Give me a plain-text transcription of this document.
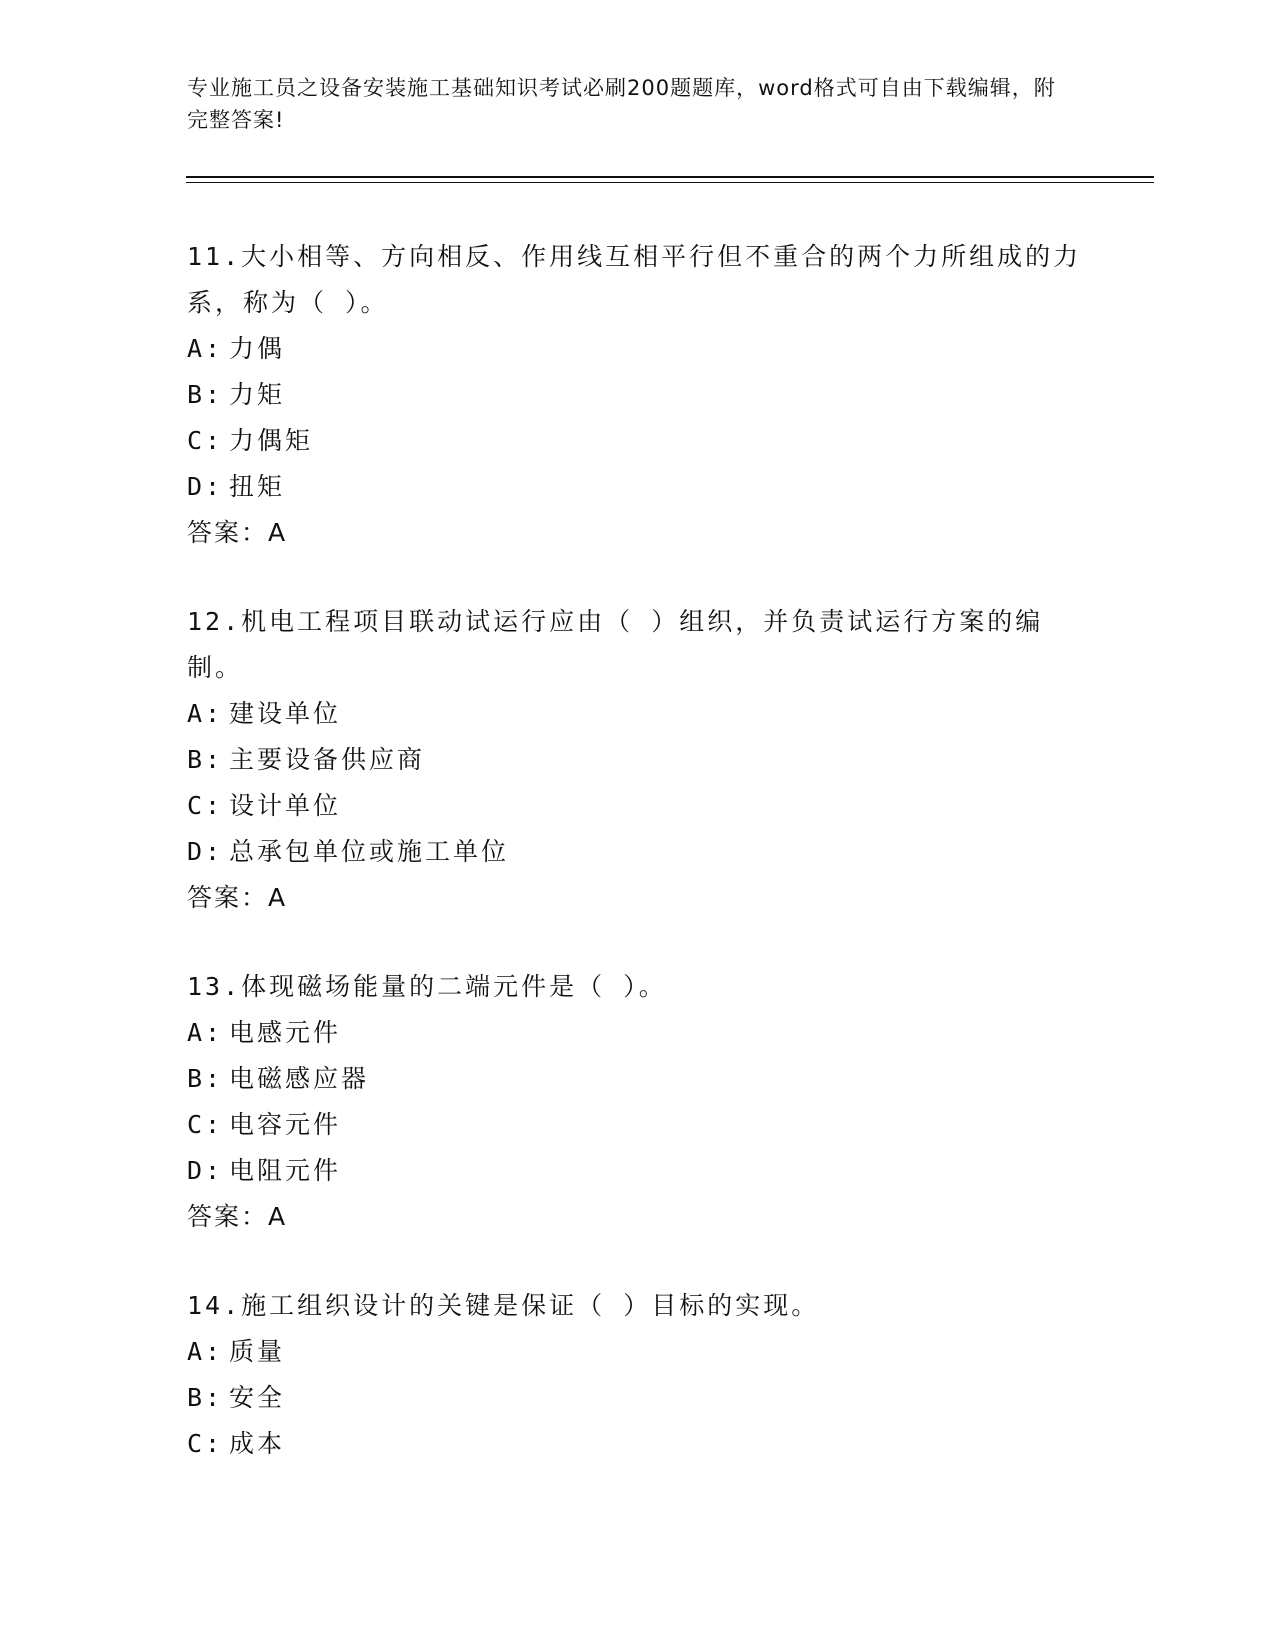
专业施工员之设备安装施工基础知识考试必刷200题题库，word格式可自由下载编辑，附完整答案!
11.大小相等、方向相反、作用线互相平行但不重合的两个力所组成的力系，称为（ ）。
A: 力偶
B: 力矩
C: 力偶矩
D: 扭矩
答案：A
12.机电工程项目联动试运行应由（ ）组织，并负责试运行方案的编制。
A: 建设单位
B: 主要设备供应商
C: 设计单位
D: 总承包单位或施工单位
答案：A
13.体现磁场能量的二端元件是（ ）。
A: 电感元件
B: 电磁感应器
C: 电容元件
D: 电阻元件
答案：A
14.施工组织设计的关键是保证（ ）目标的实现。
A: 质量
B: 安全
C: 成本
